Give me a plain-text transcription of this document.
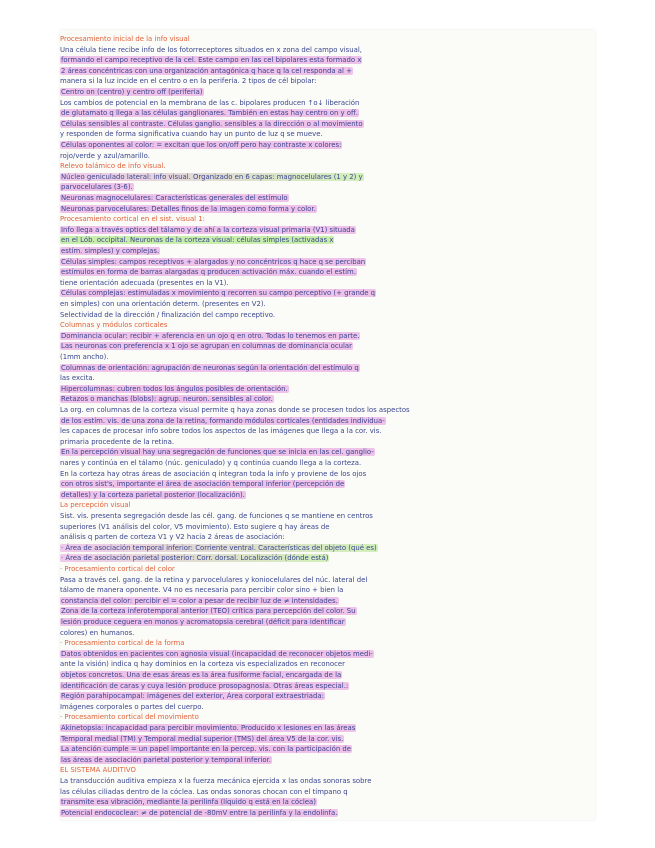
Procesamiento inicial de la info visual
Una célula tiene recibe info de los fotorreceptores situados en x zona del campo visual,
formando el campo receptivo de la cel. Este campo en las cel bipolares esta formado x
2 áreas concéntricas con una organización antagónica q hace q la cel responda al +
manera si la luz incide en el centro o en la periferia. 2 tipos de cél bipolar:
Centro on (centro) y centro off (periferia)
Los cambios de potencial en la membrana de las c. bipolares producen ↑o↓ liberación
de glutamato q llega a las células ganglionares. También en estas hay centro on y off.
Células sensibles al contraste. Células ganglio. sensibles a la dirección o al movimiento
y responden de forma significativa cuando hay un punto de luz q se mueve.
Células oponentes al color: = excitan que los on/off pero hay contraste x colores:
rojo/verde y azul/amarillo.
Relevo talámico de info visual.
Núcleo geniculado lateral: info visual. Organizado en 6 capas: magnocelulares (1 y 2) y
parvocelulares (3-6).
Neuronas magnocelulares: Características generales del estímulo
Neuronas parvocelulares: Detalles finos de la imagen como forma y color.
Procesamiento cortical en el sist. visual 1:
Info llega a través optics del tálamo y de ahí a la corteza visual primaria (V1) situada
en el Lób. occipital. Neuronas de la corteza visual: células simples (activadas x
estím. simples) y complejas.
Células simples: campos receptivos + alargados y no concéntricos q hace q se perciban
estímulos en forma de barras alargadas q producen activación máx. cuando el estím.
tiene orientación adecuada (presentes en la V1).
Células complejas: estimuladas x movimiento q recorren su campo perceptivo (+ grande q
en simples) con una orientación determ. (presentes en V2).
Selectividad de la dirección / finalización del campo receptivo.
Columnas y módulos corticales
Dominancia ocular: recibir + aferencia en un ojo q en otro. Todas lo tenemos en parte.
Las neuronas con preferencia x 1 ojo se agrupan en columnas de dominancia ocular
(1mm ancho).
Columnas de orientación: agrupación de neuronas según la orientación del estímulo q
las excita.
Hipercolumnas: cubren todos los ángulos posibles de orientación.
Retazos o manchas (blobs): agrup. neuron. sensibles al color.
La org. en columnas de la corteza visual permite q haya zonas donde se procesen todos los aspectos
de los estím. vis. de una zona de la retina, formando módulos corticales (entidades individua-
les capaces de procesar info sobre todos los aspectos de las imágenes que llega a la cor. vis.
primaria procedente de la retina.
En la percepción visual hay una segregación de funciones que se inicia en las cel. ganglio-
nares y continúa en el tálamo (núc. geniculado) y q continúa cuando llega a la corteza.
En la corteza hay otras áreas de asociación q integran toda la info y proviene de los ojos
con otros sist's, importante el área de asociación temporal inferior (percepción de
detalles) y la corteza parietal posterior (localización).
La percepción visual
Sist. vis. presenta segregación desde las cél. gang. de funciones q se mantiene en centros
superiores (V1 análisis del color, V5 movimiento). Esto sugiere q hay áreas de
análisis q parten de corteza V1 y V2 hacia 2 áreas de asociación:
· Área de asociación temporal inferior: Corriente ventral. Características del objeto (qué es)
· Área de asociación parietal posterior: Corr. dorsal. Localización (dónde está)
· Procesamiento cortical del color
Pasa a través cel. gang. de la retina y parvocelulares y koniocelulares del núc. lateral del
tálamo de manera oponente. V4 no es necesaria para percibir color sino + bien la
constancia del color: percibir el = color a pesar de recibir luz de ≠ intensidades.
Zona de la corteza inferotemporal anterior (TEO) crítica para percepción del color. Su
lesión produce ceguera en monos y acromatopsia cerebral (déficit para identificar
colores) en humanos.
· Procesamiento cortical de la forma
Datos obtenidos en pacientes con agnosia visual (incapacidad de reconocer objetos medi-
ante la visión) indica q hay dominios en la corteza vis especializados en reconocer
objetos concretos. Una de esas áreas es la área fusiforme facial, encargada de la
identificación de caras y cuya lesión produce prosopagnosia. Otras áreas especial.:
Región parahipocampal: imágenes del exterior, Área corporal extraestriada:
Imágenes corporales o partes del cuerpo.
· Procesamiento cortical del movimiento
Akinetopsia: incapacidad para percibir movimiento. Producido x lesiones en las áreas
Temporal medial (TM) y Temporal medial superior (TMS) del área V5 de la cor. vis.
La atención cumple = un papel importante en la percep. vis. con la participación de
las áreas de asociación parietal posterior y temporal inferior.
EL SISTEMA AUDITIVO
La transducción auditiva empieza x la fuerza mecánica ejercida x las ondas sonoras sobre
las células ciliadas dentro de la cóclea. Las ondas sonoras chocan con el tímpano q
transmite esa vibración, mediante la perilinfa (líquido q está en la cóclea)
Potencial endococlear: ≠ de potencial de -80mV entre la perilinfa y la endolinfa.
